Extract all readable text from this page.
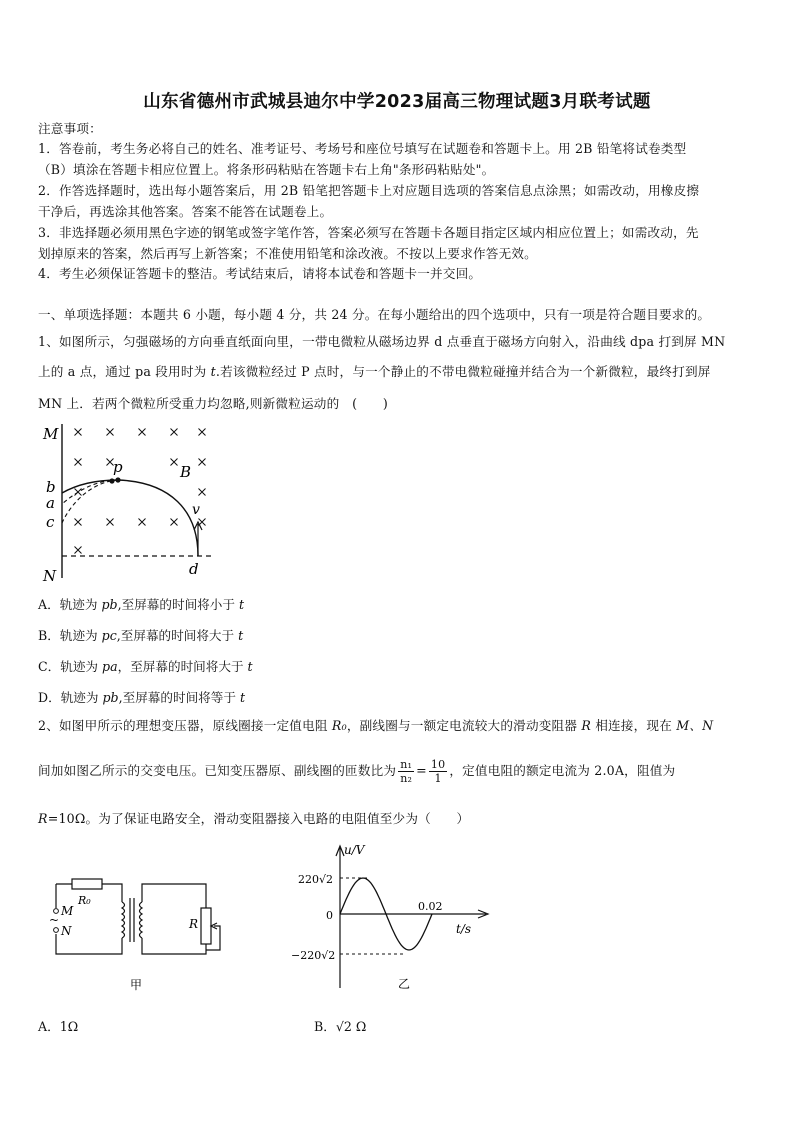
山东省德州市武城县迪尔中学2023届高三物理试题3月联考试题
注意事项：
1．答卷前，考生务必将自己的姓名、准考证号、考场号和座位号填写在试题卷和答题卡上。用 2B 铅笔将试卷类型
（B）填涂在答题卡相应位置上。将条形码粘贴在答题卡右上角"条形码粘贴处"。
2．作答选择题时，选出每小题答案后，用 2B 铅笔把答题卡上对应题目选项的答案信息点涂黑；如需改动，用橡皮擦
干净后，再选涂其他答案。答案不能答在试题卷上。
3．非选择题必须用黑色字迹的钢笔或签字笔作答，答案必须写在答题卡各题目指定区域内相应位置上；如需改动，先
划掉原来的答案，然后再写上新答案；不准使用铅笔和涂改液。不按以上要求作答无效。
4．考生必须保证答题卡的整洁。考试结束后，请将本试卷和答题卡一并交回。
一、单项选择题：本题共 6 小题，每小题 4 分，共 24 分。在每小题给出的四个选项中，只有一项是符合题目要求的。
1、如图所示，匀强磁场的方向垂直纸面向里，一带电微粒从磁场边界 d 点垂直于磁场方向射入，沿曲线 dpa 打到屏 MN
上的 a 点，通过 pa 段用时为 t.若该微粒经过 P 点时，与一个静止的不带电微粒碰撞并结合为一个新微粒，最终打到屏
MN 上．若两个微粒所受重力均忽略,则新微粒运动的　(　　)
M
N
b
a
c
p	B
v
d
A．轨迹为 pb,至屏幕的时间将小于 t
B．轨迹为 pc,至屏幕的时间将大于 t
C．轨迹为 pa，至屏幕的时间将大于 t
D．轨迹为 pb,至屏幕的时间将等于 t
2、如图甲所示的理想变压器，原线圈接一定值电阻 R₀，副线圈与一额定电流较大的滑动变阻器 R 相连接，现在 M、N
间加如图乙所示的交变电压。已知变压器原、副线圈的匝数比为 $\frac{\text{n₁}}{\text{n₂}} = \frac{10}{1}$ ，定值电阻的额定电流为 2.0A，阻值为
R=10Ω。为了保证电路安全，滑动变阻器接入电路的电阻值至少为（　　）
R₀
M
N
~	R
甲
u/V
t/s
220√2
0
−220√2
0.02
乙
A．1Ω	B．√2 Ω
